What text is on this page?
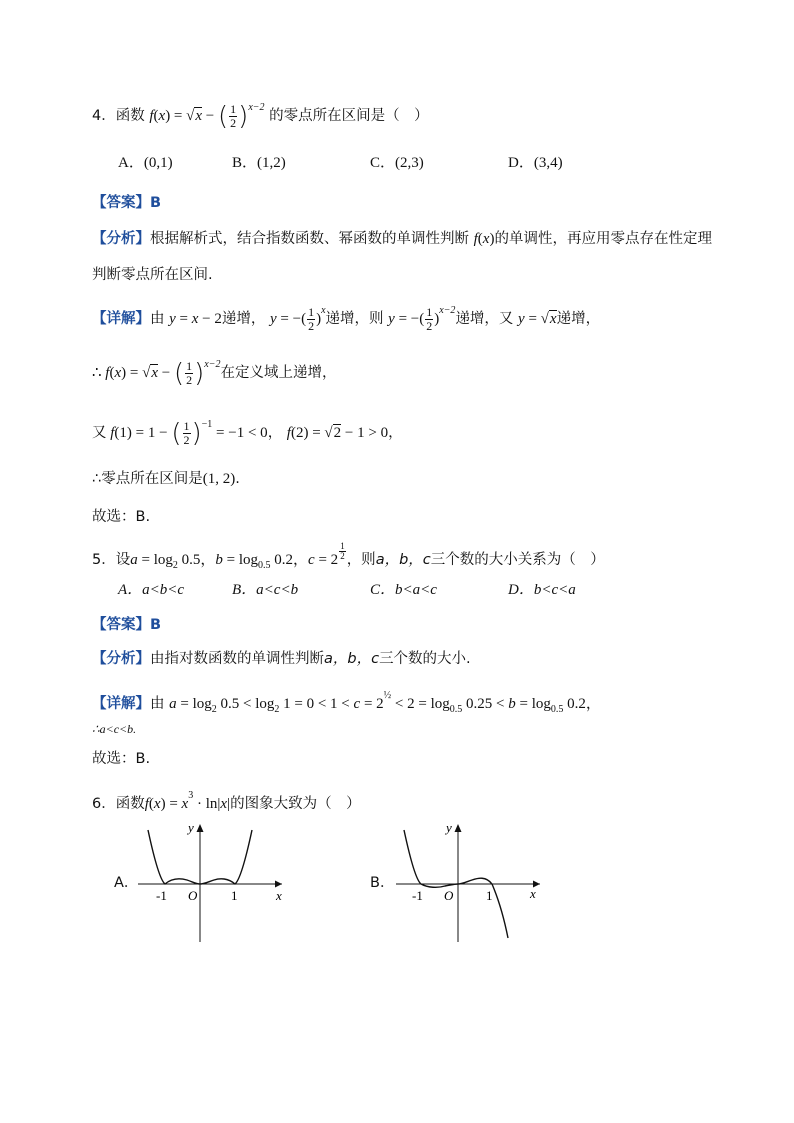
4．函数 f(x) = √x − ( $\frac{1}{2} )^{x-2}$ 的零点所在区间是（　）
A．(0,1)	B．(1,2)	C．(2,3)	D．(3,4)
【答案】B
【分析】根据解析式，结合指数函数、幂函数的单调性判断 f(x)的单调性，再应用零点存在性定理
判断零点所在区间.
【详解】由 y = x − 2递增， y = −( $\frac{1}{2} )^x$递增，则 y = −( $\frac{1}{2} )^{x-2}$递增，又 y = √x递增，
∴ f(x) = √x − ( $\frac{1}{2} )^{x-2}$在定义域上递增，
又 f(1) = 1 − ( $\frac{1}{2} )^{-1} = -1 < 0$， f(2) = √2 − 1 > 0，
∴零点所在区间是(1, 2).
故选：B.
5．设$a = \log_2 0.5$，$b = \log_{0.5} 0.2$，c = 2 $^{\frac{1}{2}}$ ，则a，b，c三个数的大小关系为（　）
A．a<b<c	B．a<c<b	C．b<a<c	D．b<c<a
【答案】B
【分析】由指对数函数的单调性判断a，b，c三个数的大小.
【详解】由 $a = \log_2 0.5 < \log_2 1 = 0 < 1 < c = 2^{\frac{1}{2}} < 2 = \log_{0.5} 0.25 < b = \log_{0.5} 0.2$，
∴a<c<b.
故选：B.
6．函数$f(x) = x^3 \cdot \ln|x|$的图象大致为（　）
A．
y
x
-1 O	1
B．
y
x
-1 O	1
